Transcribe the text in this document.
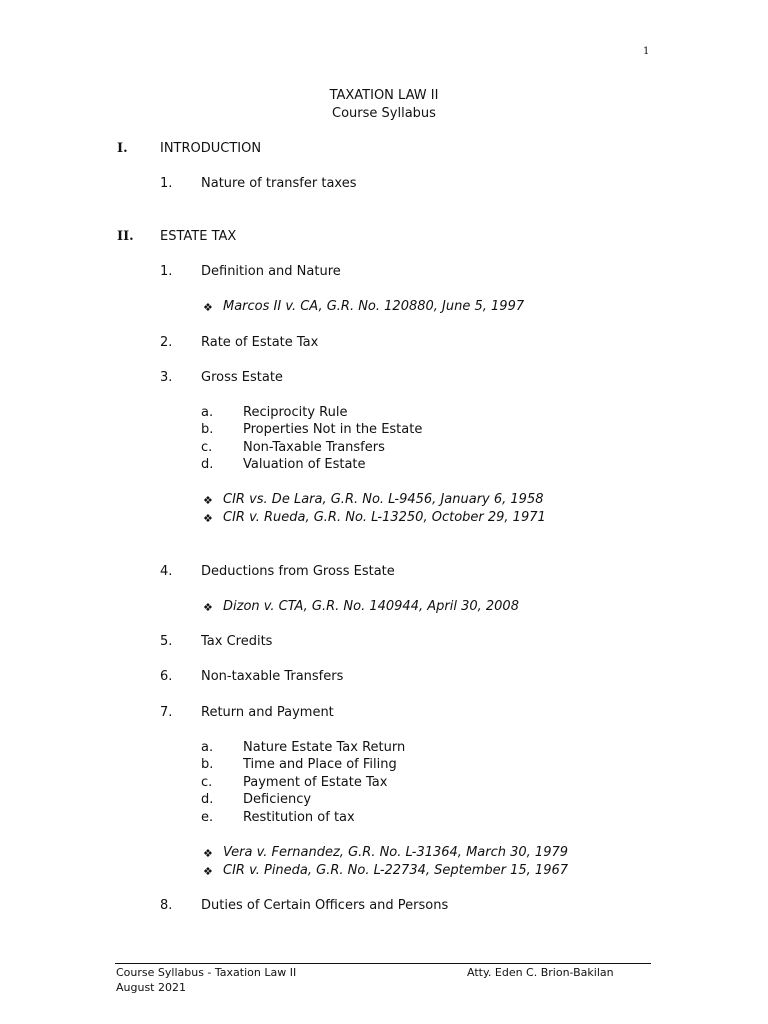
1
TAXATION LAW II
Course Syllabus
I. INTRODUCTION
1. Nature of transfer taxes
II. ESTATE TAX
1. Definition and Nature
❖ Marcos II v. CA, G.R. No. 120880, June 5, 1997
2. Rate of Estate Tax
3. Gross Estate
a. Reciprocity Rule
b. Properties Not in the Estate
c. Non-Taxable Transfers
d. Valuation of Estate
❖ CIR vs. De Lara, G.R. No. L-9456, January 6, 1958
❖ CIR v. Rueda, G.R. No. L-13250, October 29, 1971
4. Deductions from Gross Estate
❖ Dizon v. CTA, G.R. No. 140944, April 30, 2008
5. Tax Credits
6. Non-taxable Transfers
7. Return and Payment
a. Nature Estate Tax Return
b. Time and Place of Filing
c. Payment of Estate Tax
d. Deficiency
e. Restitution of tax
❖ Vera v. Fernandez, G.R. No. L-31364, March 30, 1979
❖ CIR v. Pineda, G.R. No. L-22734, September 15, 1967
8. Duties of Certain Officers and Persons
Course Syllabus - Taxation Law II
August 2021
Atty. Eden C. Brion-Bakilan
